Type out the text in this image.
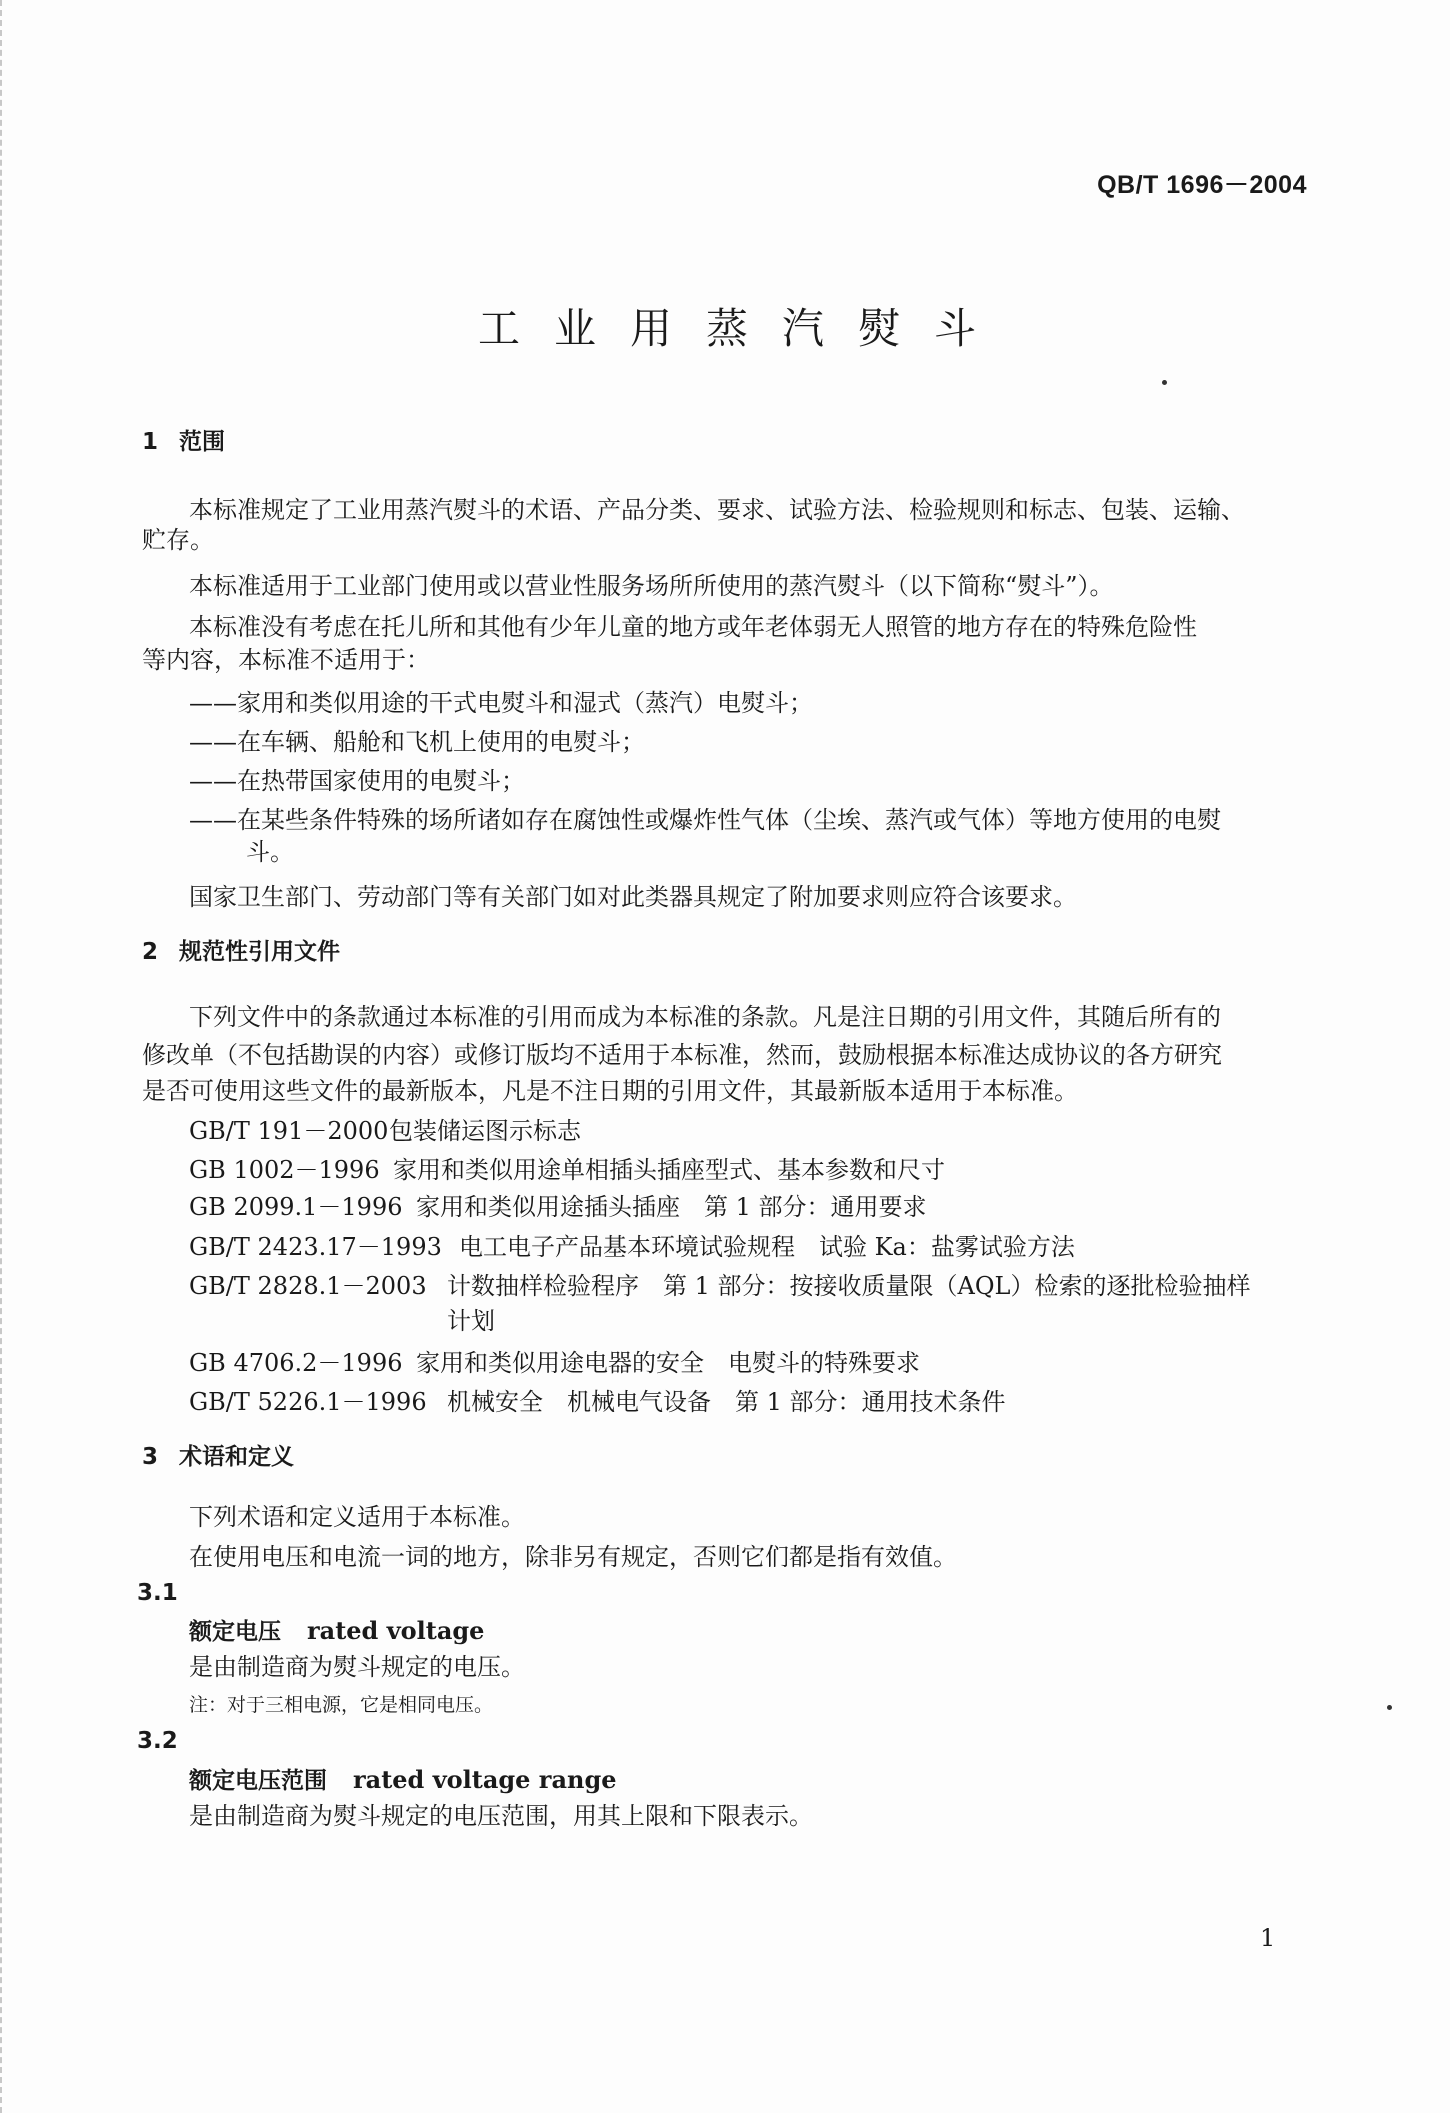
QB/T 1696－2004
工业用蒸汽熨斗
1 范围
本标准规定了工业用蒸汽熨斗的术语、产品分类、要求、试验方法、检验规则和标志、包装、运输、
贮存。
本标准适用于工业部门使用或以营业性服务场所所使用的蒸汽熨斗（以下简称“熨斗”）。
本标准没有考虑在托儿所和其他有少年儿童的地方或年老体弱无人照管的地方存在的特殊危险性
等内容，本标准不适用于：
——家用和类似用途的干式电熨斗和湿式（蒸汽）电熨斗；
——在车辆、船舱和飞机上使用的电熨斗；
——在热带国家使用的电熨斗；
——在某些条件特殊的场所诸如存在腐蚀性或爆炸性气体（尘埃、蒸汽或气体）等地方使用的电熨
斗。
国家卫生部门、劳动部门等有关部门如对此类器具规定了附加要求则应符合该要求。
2 规范性引用文件
下列文件中的条款通过本标准的引用而成为本标准的条款。凡是注日期的引用文件，其随后所有的
修改单（不包括勘误的内容）或修订版均不适用于本标准，然而，鼓励根据本标准达成协议的各方研究
是否可使用这些文件的最新版本，凡是不注日期的引用文件，其最新版本适用于本标准。
GB/T 191－2000包装储运图示标志
GB 1002－1996 家用和类似用途单相插头插座型式、基本参数和尺寸
GB 2099.1－1996 家用和类似用途插头插座　第 1 部分：通用要求
GB/T 2423.17－1993 电工电子产品基本环境试验规程　试验 Ka：盐雾试验方法
GB/T 2828.1－2003 计数抽样检验程序　第 1 部分：按接收质量限（AQL）检索的逐批检验抽样
计划
GB 4706.2－1996 家用和类似用途电器的安全　电熨斗的特殊要求
GB/T 5226.1－1996 机械安全　机械电气设备　第 1 部分：通用技术条件
3 术语和定义
下列术语和定义适用于本标准。
在使用电压和电流一词的地方，除非另有规定，否则它们都是指有效值。
3.1
额定电压 rated voltage
是由制造商为熨斗规定的电压。
注：对于三相电源，它是相同电压。
3.2
额定电压范围 rated voltage range
是由制造商为熨斗规定的电压范围，用其上限和下限表示。
1
